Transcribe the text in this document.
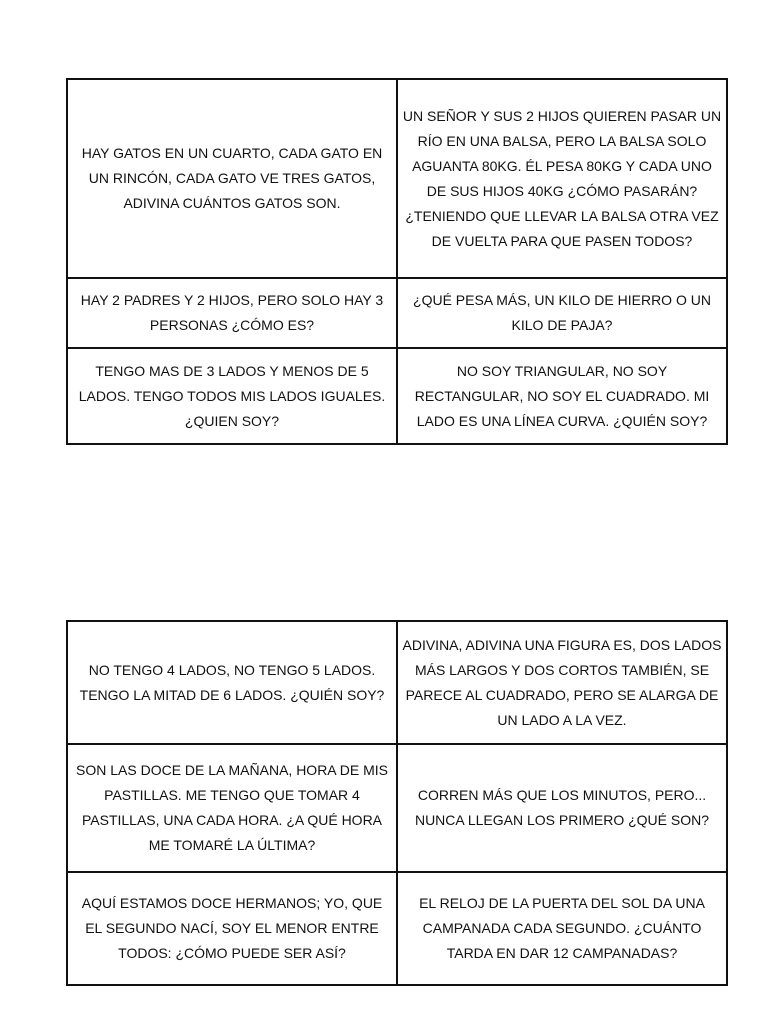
HAY GATOS EN UN CUARTO, CADA GATO EN UN RINCÓN, CADA GATO VE TRES GATOS, ADIVINA CUÁNTOS GATOS SON.	UN SEÑOR Y SUS 2 HIJOS QUIEREN PASAR UN RÍO EN UNA BALSA, PERO LA BALSA SOLO AGUANTA 80KG. ÉL PESA 80KG Y CADA UNO DE SUS HIJOS 40KG ¿CÓMO PASARÁN? ¿TENIENDO QUE LLEVAR LA BALSA OTRA VEZ DE VUELTA PARA QUE PASEN TODOS?
HAY 2 PADRES Y 2 HIJOS, PERO SOLO HAY 3 PERSONAS ¿CÓMO ES?	¿QUÉ PESA MÁS, UN KILO DE HIERRO O UN KILO DE PAJA?
TENGO MAS DE 3 LADOS Y MENOS DE 5 LADOS. TENGO TODOS MIS LADOS IGUALES. ¿QUIEN SOY?	NO SOY TRIANGULAR, NO SOY RECTANGULAR, NO SOY EL CUADRADO. MI LADO ES UNA LÍNEA CURVA. ¿QUIÉN SOY?
NO TENGO 4 LADOS, NO TENGO 5 LADOS. TENGO LA MITAD DE 6 LADOS. ¿QUIÉN SOY?	ADIVINA, ADIVINA UNA FIGURA ES, DOS LADOS MÁS LARGOS Y DOS CORTOS TAMBIÉN, SE PARECE AL CUADRADO, PERO SE ALARGA DE UN LADO A LA VEZ.
SON LAS DOCE DE LA MAÑANA, HORA DE MIS PASTILLAS. ME TENGO QUE TOMAR 4 PASTILLAS, UNA CADA HORA. ¿A QUÉ HORA ME TOMARÉ LA ÚLTIMA?	CORREN MÁS QUE LOS MINUTOS, PERO... NUNCA LLEGAN LOS PRIMERO ¿QUÉ SON?
AQUÍ ESTAMOS DOCE HERMANOS; YO, QUE EL SEGUNDO NACÍ, SOY EL MENOR ENTRE TODOS: ¿CÓMO PUEDE SER ASÍ?	EL RELOJ DE LA PUERTA DEL SOL DA UNA CAMPANADA CADA SEGUNDO. ¿CUÁNTO TARDA EN DAR 12 CAMPANADAS?
